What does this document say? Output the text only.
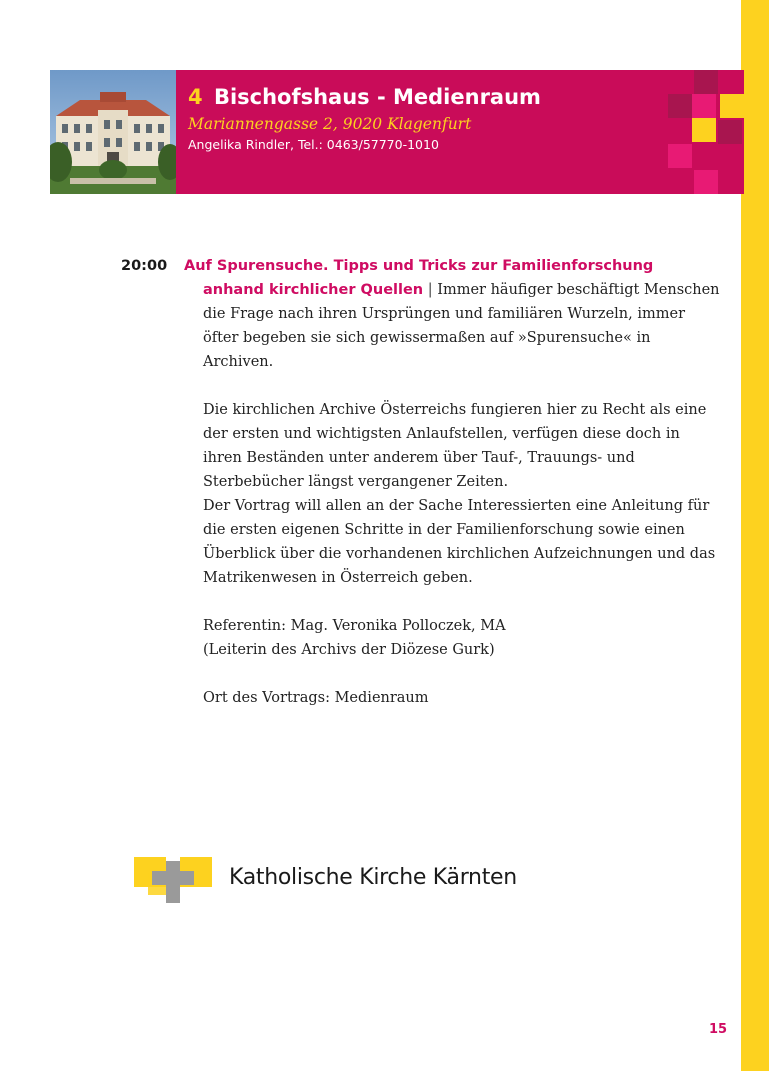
4 Bischofshaus - Medienraum
Mariannengasse 2, 9020 Klagenfurt
Angelika Rindler, Tel.: 0463/57770-1010
20:00 Auf Spurensuche. Tipps und Tricks zur Familienforschung
anhand kirchlicher Quellen | Immer häufiger beschäftigt Menschen die Frage nach ihren Ursprüngen und familiären Wurzeln, immer öfter begeben sie sich gewissermaßen auf »Spurensuche« in Archiven.
Die kirchlichen Archive Österreichs fungieren hier zu Recht als eine der ersten und wichtigsten Anlaufstellen, verfügen diese doch in ihren Beständen unter anderem über Tauf-, Trauungs- und Sterbebücher längst vergangener Zeiten.
Der Vortrag will allen an der Sache Interessierten eine Anleitung für die ersten eigenen Schritte in der Familienforschung sowie einen Überblick über die vorhandenen kirchlichen Aufzeichnungen und das Matrikenwesen in Österreich geben.
Referentin: Mag. Veronika Polloczek, MA
(Leiterin des Archivs der Diözese Gurk)
Ort des Vortrags: Medienraum
Katholische Kirche Kärnten
15
